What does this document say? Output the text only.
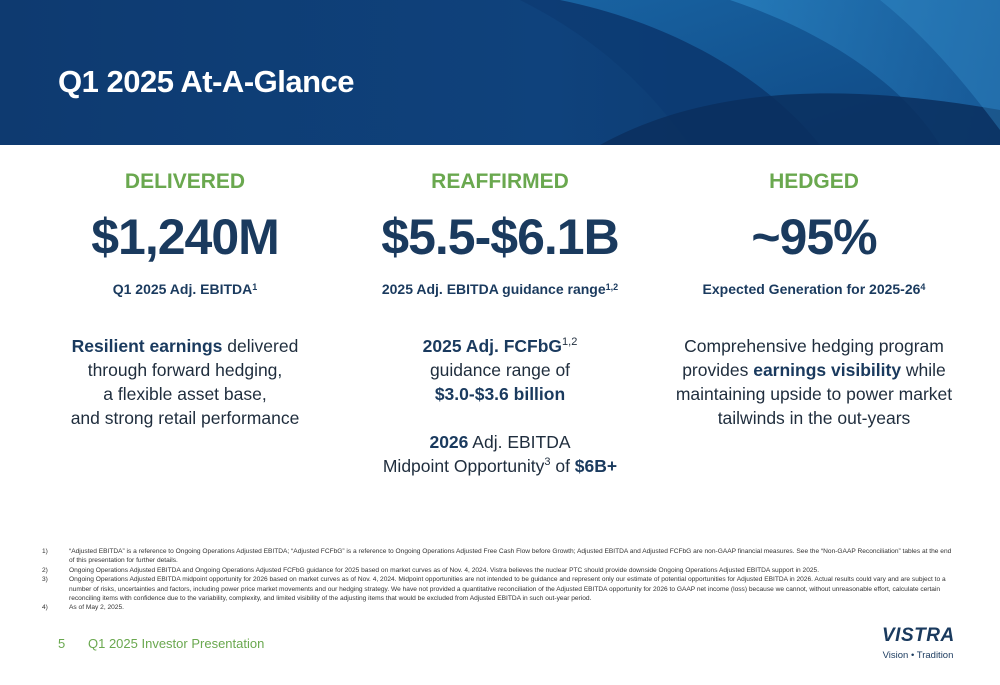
Q1 2025 At-A-Glance
DELIVERED
$1,240M
Q1 2025 Adj. EBITDA$^1$
Resilient earnings delivered
through forward hedging,
a flexible asset base,
and strong retail performance
REAFFIRMED
$5.5-$6.1B
2025 Adj. EBITDA guidance range$^{1,2}$
2025 Adj. FCFbG$^{1,2}$
guidance range of
$3.0-$3.6 billion
2026 Adj. EBITDA
Midpoint Opportunity$^3$ of $6B+
HEDGED
~95%
Expected Generation for $2025-26^4$
Comprehensive hedging program
provides earnings visibility while
maintaining upside to power market
tailwinds in the out-years
1)	“Adjusted EBITDA” is a reference to Ongoing Operations Adjusted EBITDA; “Adjusted FCFbG” is a reference to Ongoing Operations Adjusted Free Cash Flow before Growth; Adjusted EBITDA and Adjusted FCFbG are non-GAAP financial measures. See the “Non-GAAP Reconciliation” tables at the end of this presentation for further details.
2)	Ongoing Operations Adjusted EBITDA and Ongoing Operations Adjusted FCFbG guidance for 2025 based on market curves as of Nov. 4, 2024. Vistra believes the nuclear PTC should provide downside Ongoing Operations Adjusted EBITDA support in 2025.
3)	Ongoing Operations Adjusted EBITDA midpoint opportunity for 2026 based on market curves as of Nov. 4, 2024. Midpoint opportunities are not intended to be guidance and represent only our estimate of potential opportunities for Adjusted EBITDA in 2026. Actual results could vary and are subject to a number of risks, uncertainties and factors, including power price market movements and our hedging strategy. We have not provided a quantitative reconciliation of the Adjusted EBITDA opportunity for 2026 to GAAP net income (loss) because we cannot, without unreasonable effort, calculate certain reconciling items with confidence due to the variability, complexity, and limited visibility of the adjusting items that would be excluded from Adjusted EBITDA in such out-year period.
4)	As of May 2, 2025.
5 Q1 2025 Investor Presentation	VISTRA
Vision • Tradition
